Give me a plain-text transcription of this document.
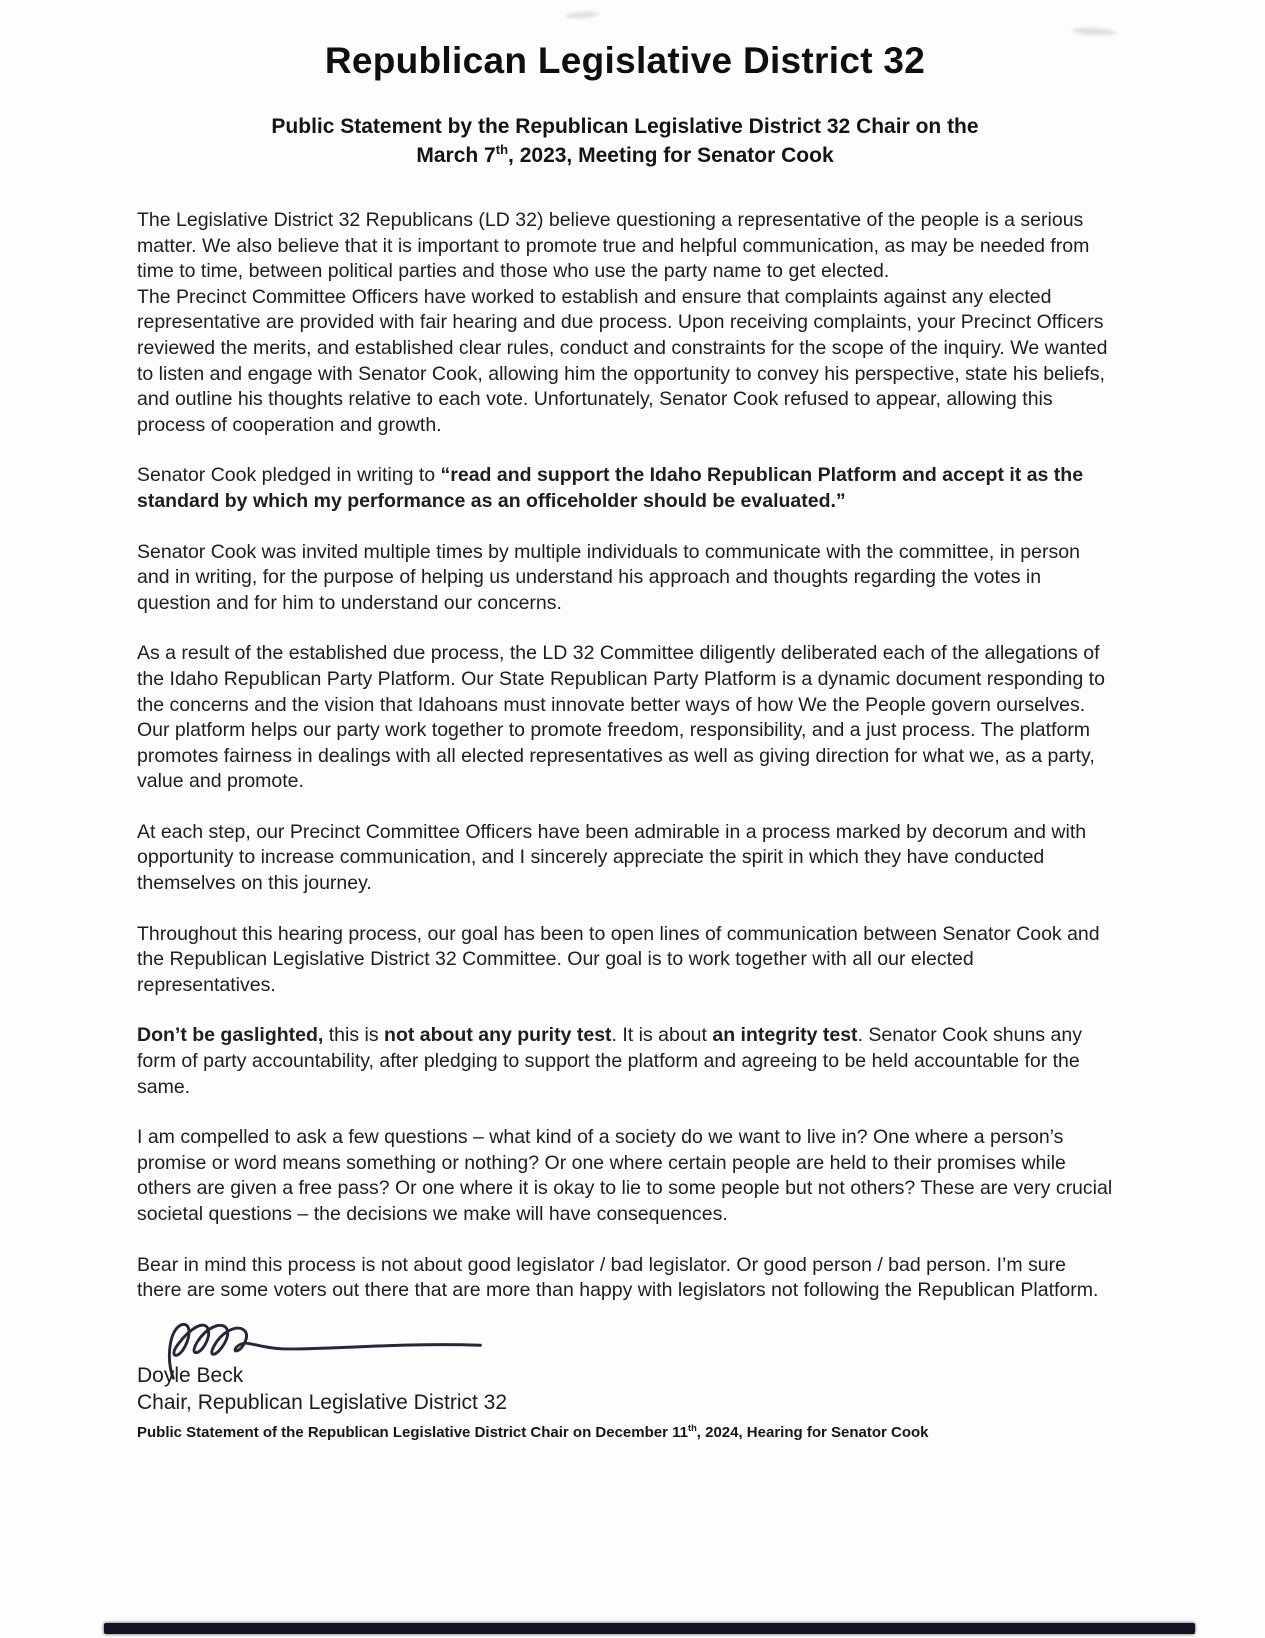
Republican Legislative District 32
Public Statement by the Republican Legislative District 32 Chair on the
March 7th, 2023, Meeting for Senator Cook

The Legislative District 32 Republicans (LD 32) believe questioning a representative of the people is a serious matter. We also believe that it is important to promote true and helpful communication, as may be needed from time to time, between political parties and those who use the party name to get elected.

The Precinct Committee Officers have worked to establish and ensure that complaints against any elected representative are provided with fair hearing and due process. Upon receiving complaints, your Precinct Officers reviewed the merits, and established clear rules, conduct and constraints for the scope of the inquiry. We wanted to listen and engage with Senator Cook, allowing him the opportunity to convey his perspective, state his beliefs, and outline his thoughts relative to each vote. Unfortunately, Senator Cook refused to appear, allowing this process of cooperation and growth.

Senator Cook pledged in writing to “read and support the Idaho Republican Platform and accept it as the standard by which my performance as an officeholder should be evaluated.”

Senator Cook was invited multiple times by multiple individuals to communicate with the committee, in person and in writing, for the purpose of helping us understand his approach and thoughts regarding the votes in question and for him to understand our concerns.

As a result of the established due process, the LD 32 Committee diligently deliberated each of the allegations of the Idaho Republican Party Platform. Our State Republican Party Platform is a dynamic document responding to the concerns and the vision that Idahoans must innovate better ways of how We the People govern ourselves. Our platform helps our party work together to promote freedom, responsibility, and a just process. The platform promotes fairness in dealings with all elected representatives as well as giving direction for what we, as a party, value and promote.

At each step, our Precinct Committee Officers have been admirable in a process marked by decorum and with opportunity to increase communication, and I sincerely appreciate the spirit in which they have conducted themselves on this journey.

Throughout this hearing process, our goal has been to open lines of communication between Senator Cook and the Republican Legislative District 32 Committee. Our goal is to work together with all our elected representatives.

Don’t be gaslighted, this is not about any purity test. It is about an integrity test. Senator Cook shuns any form of party accountability, after pledging to support the platform and agreeing to be held accountable for the same.

I am compelled to ask a few questions – what kind of a society do we want to live in? One where a person’s promise or word means something or nothing? Or one where certain people are held to their promises while others are given a free pass? Or one where it is okay to lie to some people but not others? These are very crucial societal questions – the decisions we make will have consequences.

Bear in mind this process is not about good legislator / bad legislator. Or good person / bad person. I’m sure there are some voters out there that are more than happy with legislators not following the Republican Platform.

Doyle Beck
Chair, Republican Legislative District 32
Public Statement of the Republican Legislative District Chair on December 11th, 2024, Hearing for Senator Cook
